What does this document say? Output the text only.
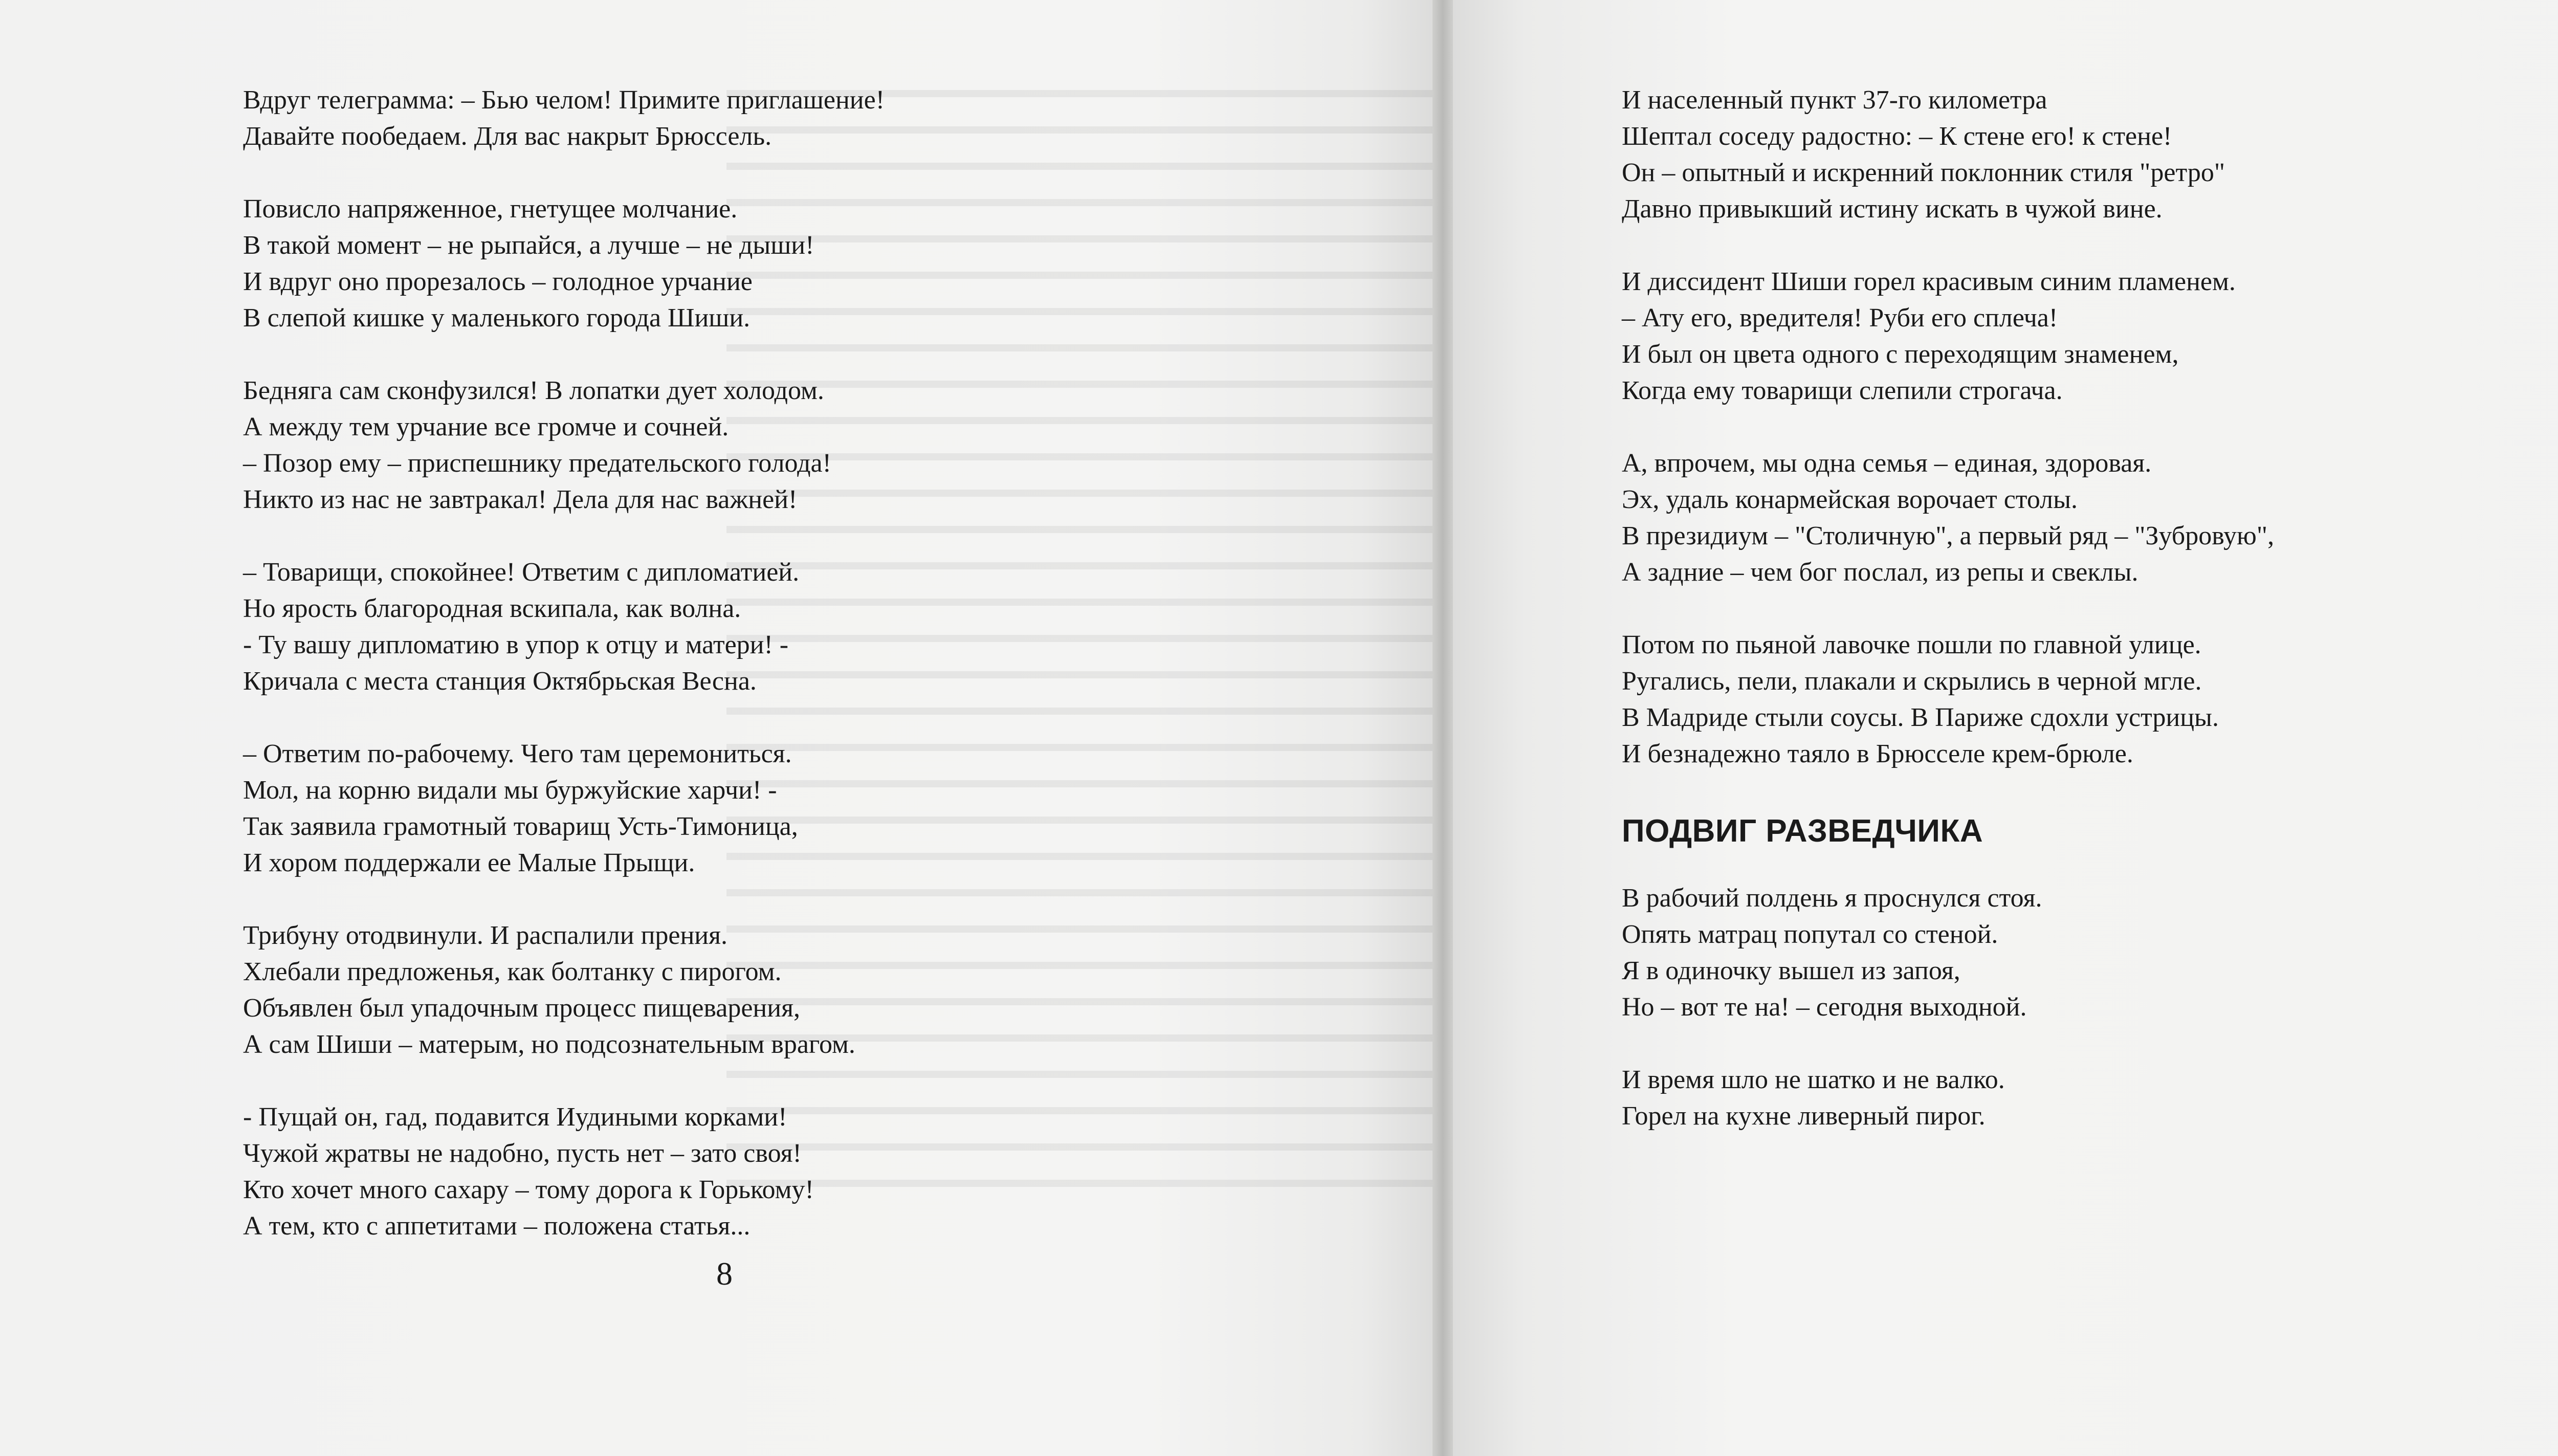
Вдруг телеграмма: – Бью челом! Примите приглашение!
Давайте пообедаем. Для вас накрыт Брюссель.
Повисло напряженное, гнетущее молчание.
В такой момент – не рыпайся, а лучше – не дыши!
И вдруг оно прорезалось – голодное урчание
В слепой кишке у маленького города Шиши.
Бедняга сам сконфузился! В лопатки дует холодом.
А между тем урчание все громче и сочней.
– Позор ему – приспешнику предательского голода!
Никто из нас не завтракал! Дела для нас важней!
– Товарищи, спокойнее! Ответим с дипломатией.
Но ярость благородная вскипала, как волна.
- Ту вашу дипломатию в упор к отцу и матери! -
Кричала с места станция Октябрьская Весна.
– Ответим по-рабочему. Чего там церемониться.
Мол, на корню видали мы буржуйские харчи! -
Так заявила грамотный товарищ Усть-Тимоница,
И хором поддержали ее Малые Прыщи.
Трибуну отодвинули. И распалили прения.
Хлебали предложенья, как болтанку с пирогом.
Объявлен был упадочным процесс пищеварения,
А сам Шиши – матерым, но подсознательным врагом.
- Пущай он, гад, подавится Иудиными корками!
Чужой жратвы не надобно, пусть нет – зато своя!
Кто хочет много сахару – тому дорога к Горькому!
А тем, кто с аппетитами – положена статья...
8
И населенный пункт 37-го километра
Шептал соседу радостно: – К стене его! к стене!
Он – опытный и искренний поклонник стиля "ретро"
Давно привыкший истину искать в чужой вине.
И диссидент Шиши горел красивым синим пламенем.
– Ату его, вредителя! Руби его сплеча!
И был он цвета одного с переходящим знаменем,
Когда ему товарищи слепили строгача.
А, впрочем, мы одна семья – единая, здоровая.
Эх, удаль конармейская ворочает столы.
В президиум – "Столичную", а первый ряд – "Зубровую",
А задние – чем бог послал, из репы и свеклы.
Потом по пьяной лавочке пошли по главной улице.
Ругались, пели, плакали и скрылись в черной мгле.
В Мадриде стыли соусы. В Париже сдохли устрицы.
И безнадежно таяло в Брюсселе крем-брюле.
ПОДВИГ РАЗВЕДЧИКА
В рабочий полдень я проснулся стоя.
Опять матрац попутал со стеной.
Я в одиночку вышел из запоя,
Но – вот те на! – сегодня выходной.
И время шло не шатко и не валко.
Горел на кухне ливерный пирог.
